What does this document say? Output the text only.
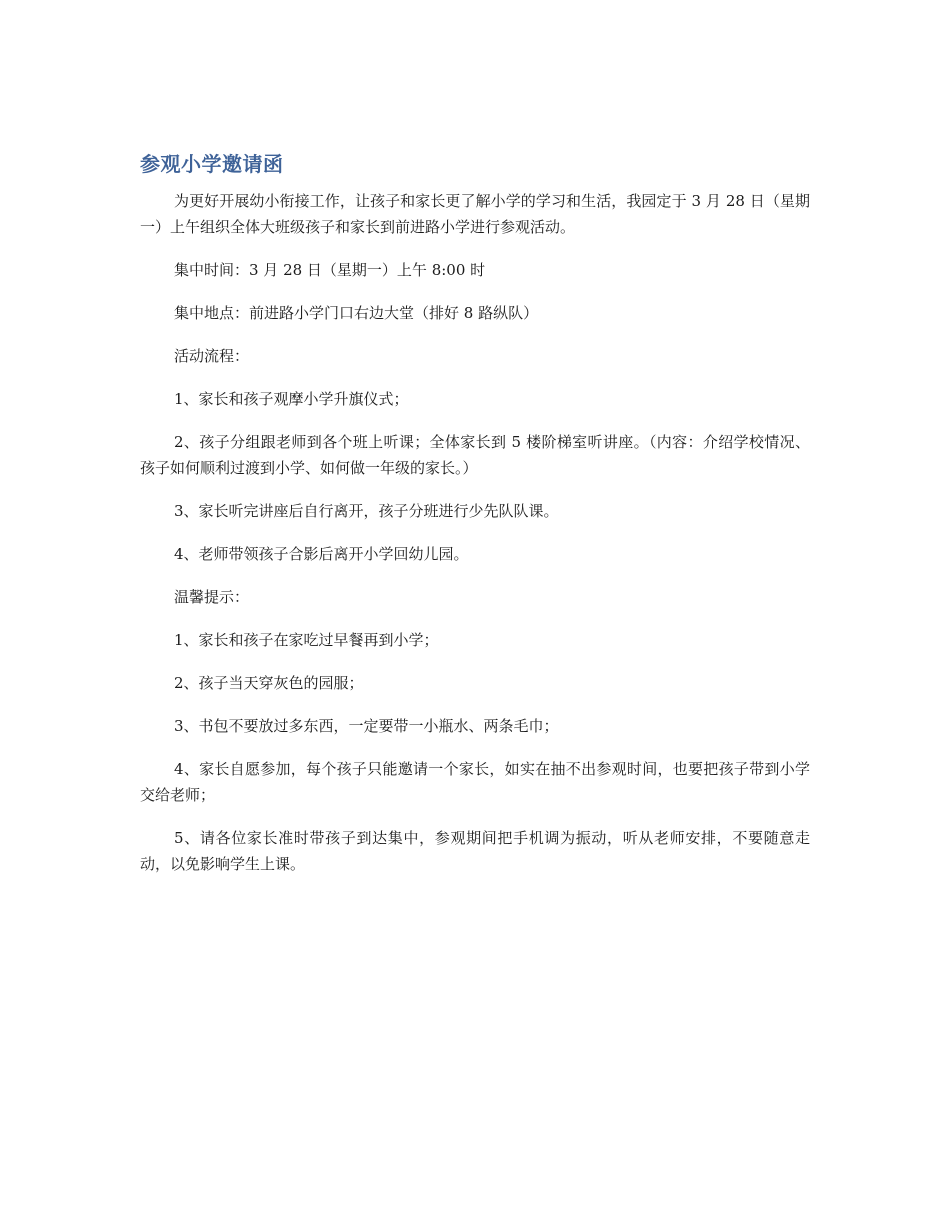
参观小学邀请函

为更好开展幼小衔接工作，让孩子和家长更了解小学的学习和生活，我园定于 3 月 28 日（星期一）上午组织全体大班级孩子和家长到前进路小学进行参观活动。

集中时间：3 月 28 日（星期一）上午 8:00 时

集中地点：前进路小学门口右边大堂（排好 8 路纵队）

活动流程：

1、家长和孩子观摩小学升旗仪式；

2、孩子分组跟老师到各个班上听课；全体家长到 5 楼阶梯室听讲座。（内容：介绍学校情况、孩子如何顺利过渡到小学、如何做一年级的家长。）

3、家长听完讲座后自行离开，孩子分班进行少先队队课。

4、老师带领孩子合影后离开小学回幼儿园。

温馨提示：

1、家长和孩子在家吃过早餐再到小学；

2、孩子当天穿灰色的园服；

3、书包不要放过多东西，一定要带一小瓶水、两条毛巾；

4、家长自愿参加，每个孩子只能邀请一个家长，如实在抽不出参观时间，也要把孩子带到小学交给老师；

5、请各位家长准时带孩子到达集中，参观期间把手机调为振动，听从老师安排，不要随意走动，以免影响学生上课。
